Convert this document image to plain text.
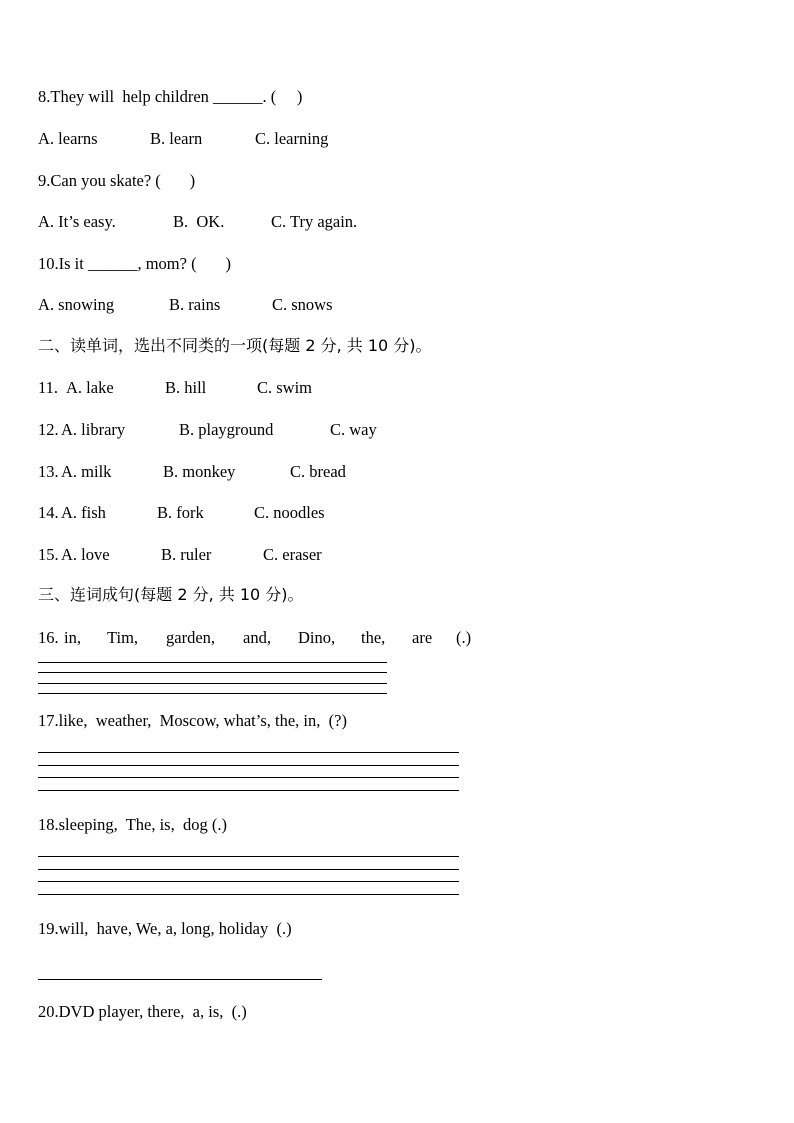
8.They will  help children ______. (     )
A. learns	B. learn	C. learning
9.Can you skate? (       )
A. It’s easy.	B.  OK.	C. Try again.
10.Is it ______, mom? (       )
A. snowing	B. rains	C. snows
二、读单词，选出不同类的一项(每题 2 分, 共 10 分)。
11. A. lake	B. hill	C. swim
12. A. library	B. playground	C. way
13. A. milk	B. monkey	C. bread
14. A. fish	B. fork	C. noodles
15. A. love	B. ruler	C. eraser
三、连词成句(每题 2 分, 共 10 分)。
16. in, Tim, garden, and, Dino, the, are (.)
17.like,  weather,  Moscow, what’s, the, in,  (?)
18.sleeping,  The, is,  dog (.)
19.will,  have, We, a, long, holiday  (.)
20.DVD player, there,  a, is,  (.)
